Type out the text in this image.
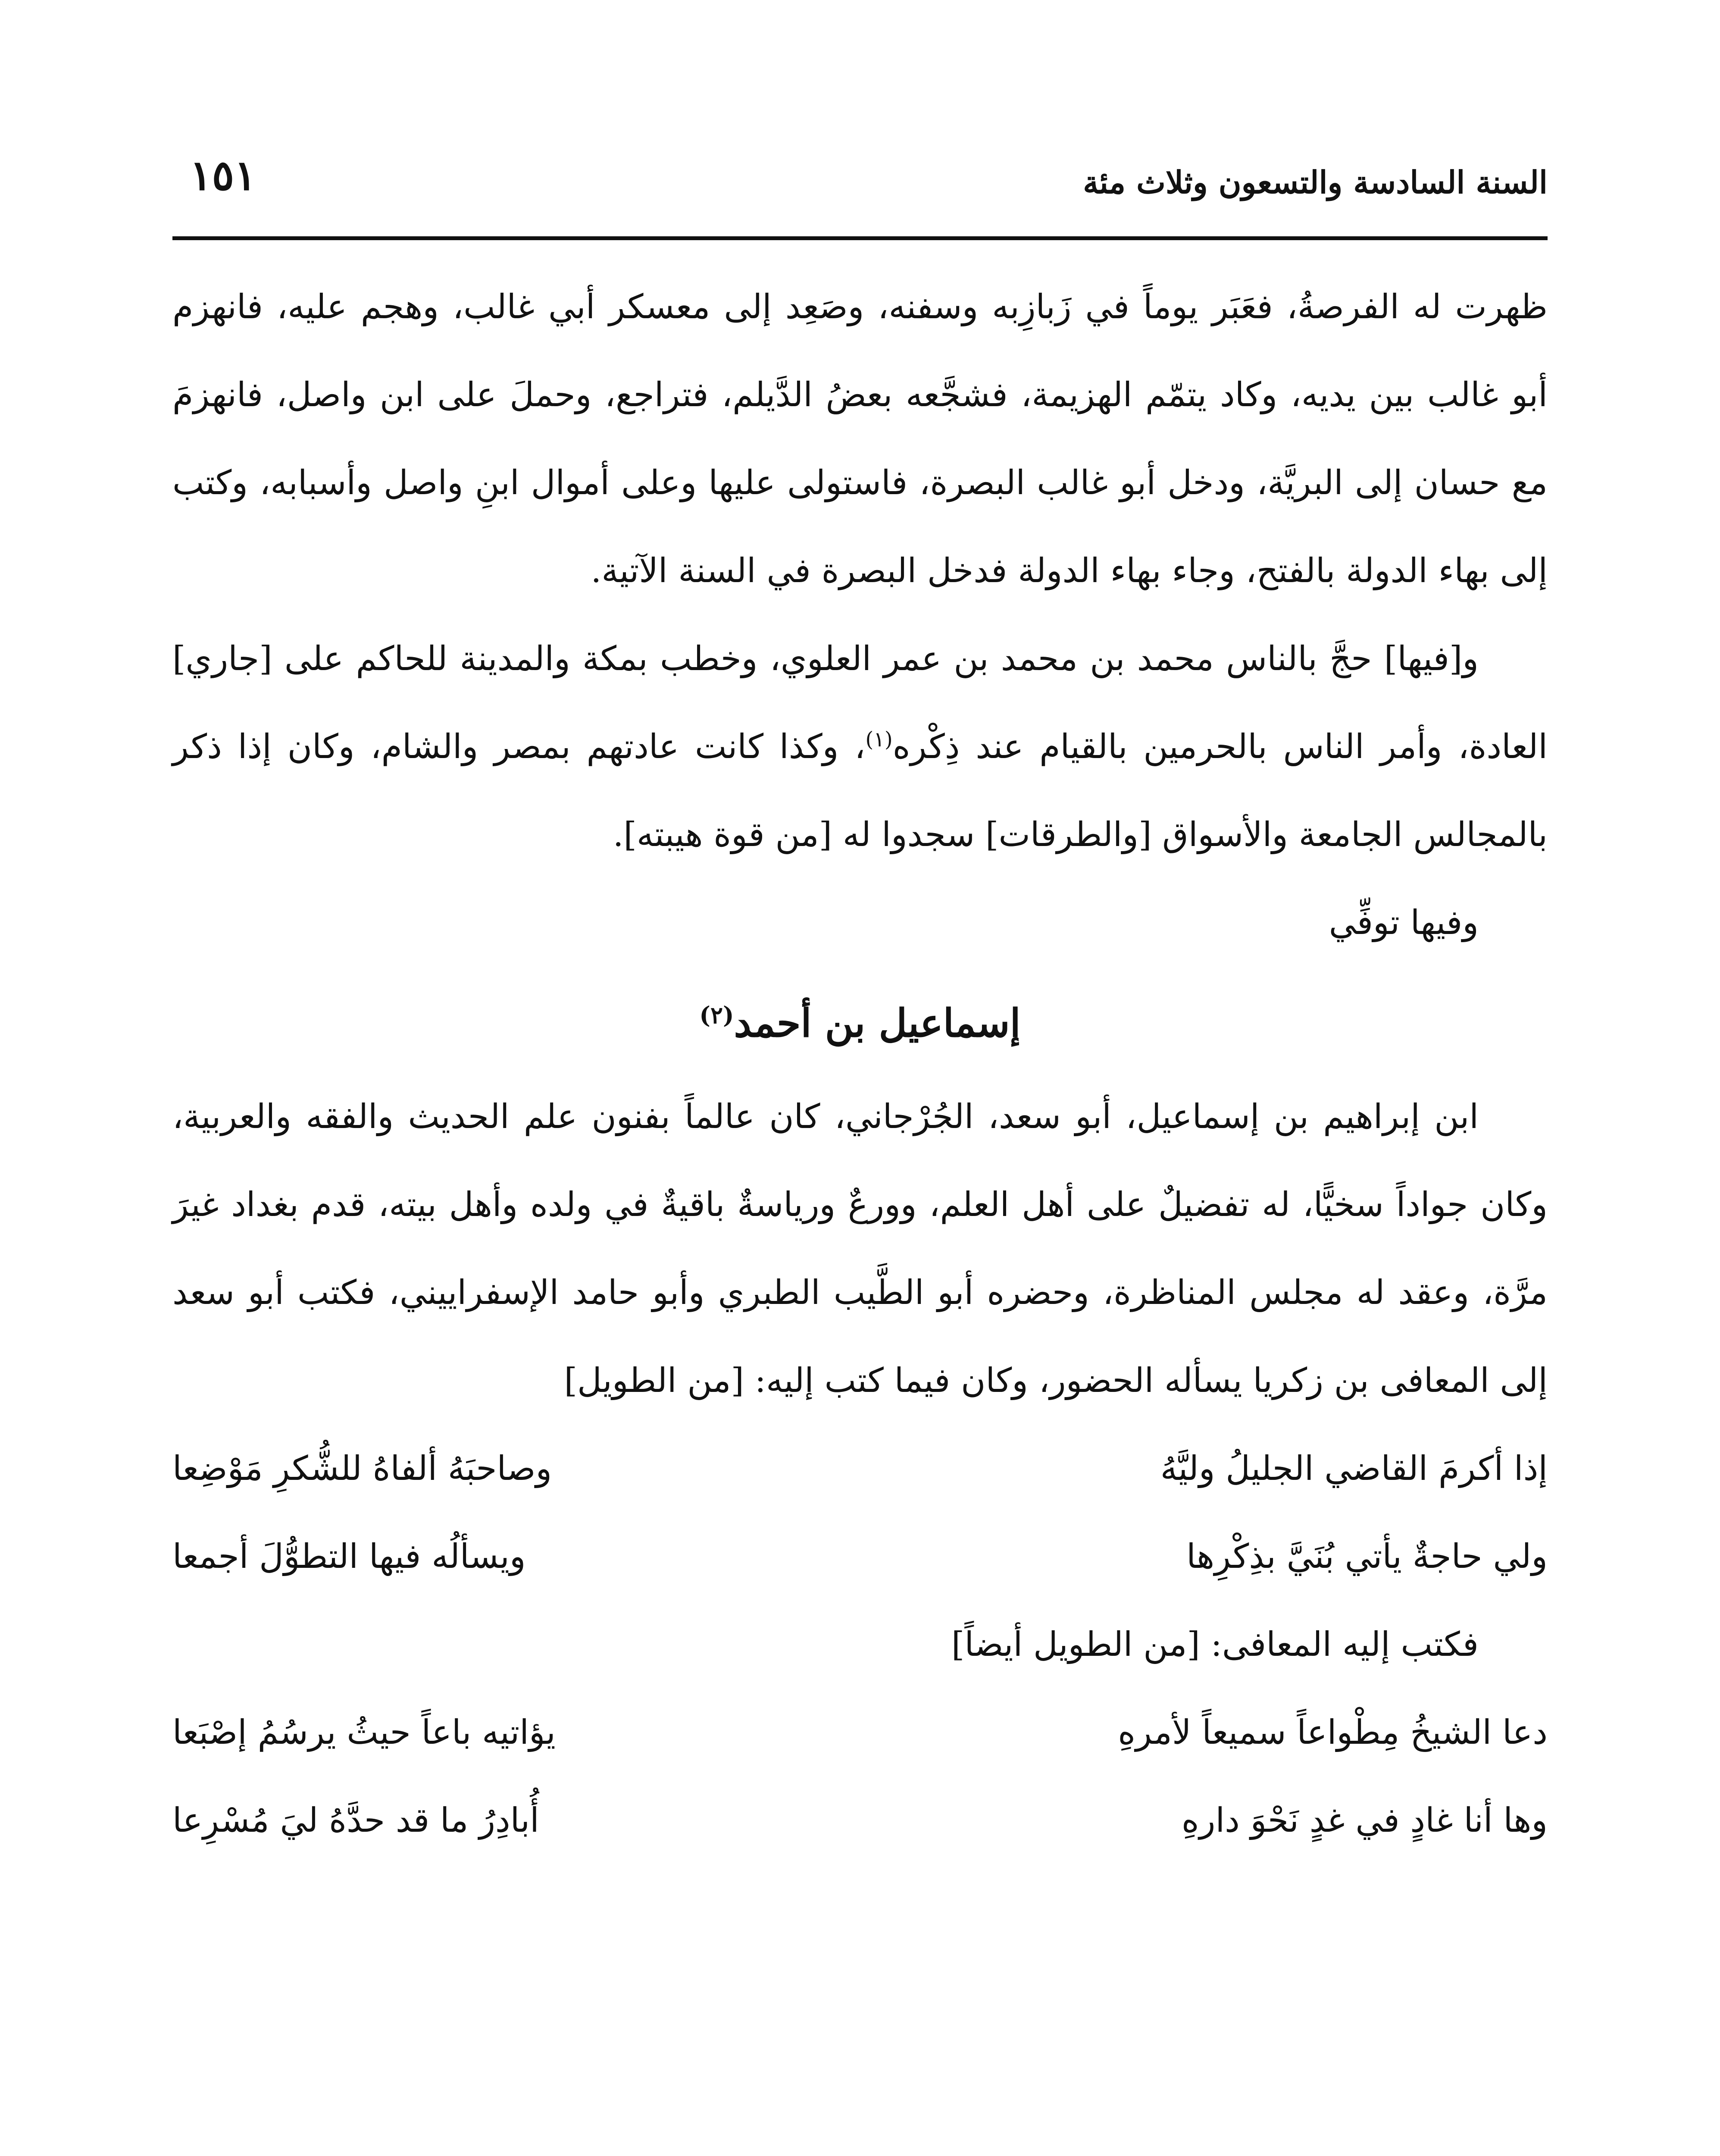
السنة السادسة والتسعون وثلاث مئة
١٥١

ظهرت له الفرصةُ، فعَبَر يوماً في زَبازِبه وسفنه، وصَعِد إلى معسكر أبي غالب، وهجم عليه، فانهزم أبو غالب بين يديه، وكاد يتمّم الهزيمة، فشجَّعه بعضُ الدَّيلم، فتراجع، وحملَ على ابن واصل، فانهزمَ مع حسان إلى البريَّة، ودخل أبو غالب البصرة، فاستولى عليها وعلى أموال ابنِ واصل وأسبابه، وكتب إلى بهاء الدولة بالفتح، وجاء بهاء الدولة فدخل البصرة في السنة الآتية.

و[فيها] حجَّ بالناس محمد بن محمد بن عمر العلوي، وخطب بمكة والمدينة للحاكم على [جاري] العادة، وأمر الناس بالحرمين بالقيام عند ذِكْره$^{(١)}$، وكذا كانت عادتهم بمصر والشام، وكان إذا ذكر بالمجالس الجامعة والأسواق [والطرقات] سجدوا له [من قوة هيبته].

وفيها توفِّي

إسماعيل بن أحمد$^{(٢)}$

ابن إبراهيم بن إسماعيل، أبو سعد، الجُرْجاني، كان عالماً بفنون علم الحديث والفقه والعربية، وكان جواداً سخيًّا، له تفضيلٌ على أهل العلم، وورعٌ ورياسةٌ باقيةٌ في ولده وأهل بيته، قدم بغداد غيرَ مرَّة، وعقد له مجلس المناظرة، وحضره أبو الطَّيب الطبري وأبو حامد الإسفراييني، فكتب أبو سعد إلى المعافى بن زكريا يسأله الحضور، وكان فيما كتب إليه: [من الطويل]

إذا أكرمَ القاضي الجليلُ وليَّهُ
وصاحبَهُ ألفاهُ للشُّكرِ مَوْضِعا
ولي حاجةٌ يأتي بُنَيَّ بذِكْرِها
ويسألُه فيها التطوُّلَ أجمعا

فكتب إليه المعافى: [من الطويل أيضاً]

دعا الشيخُ مِطْواعاً سميعاً لأمرهِ
يؤاتيه باعاً حيثُ يرسُمُ إصْبَعا
وها أنا غادٍ في غدٍ نَحْوَ دارهِ
أُبادِرُ ما قد حدَّهُ ليَ مُسْرِعا
